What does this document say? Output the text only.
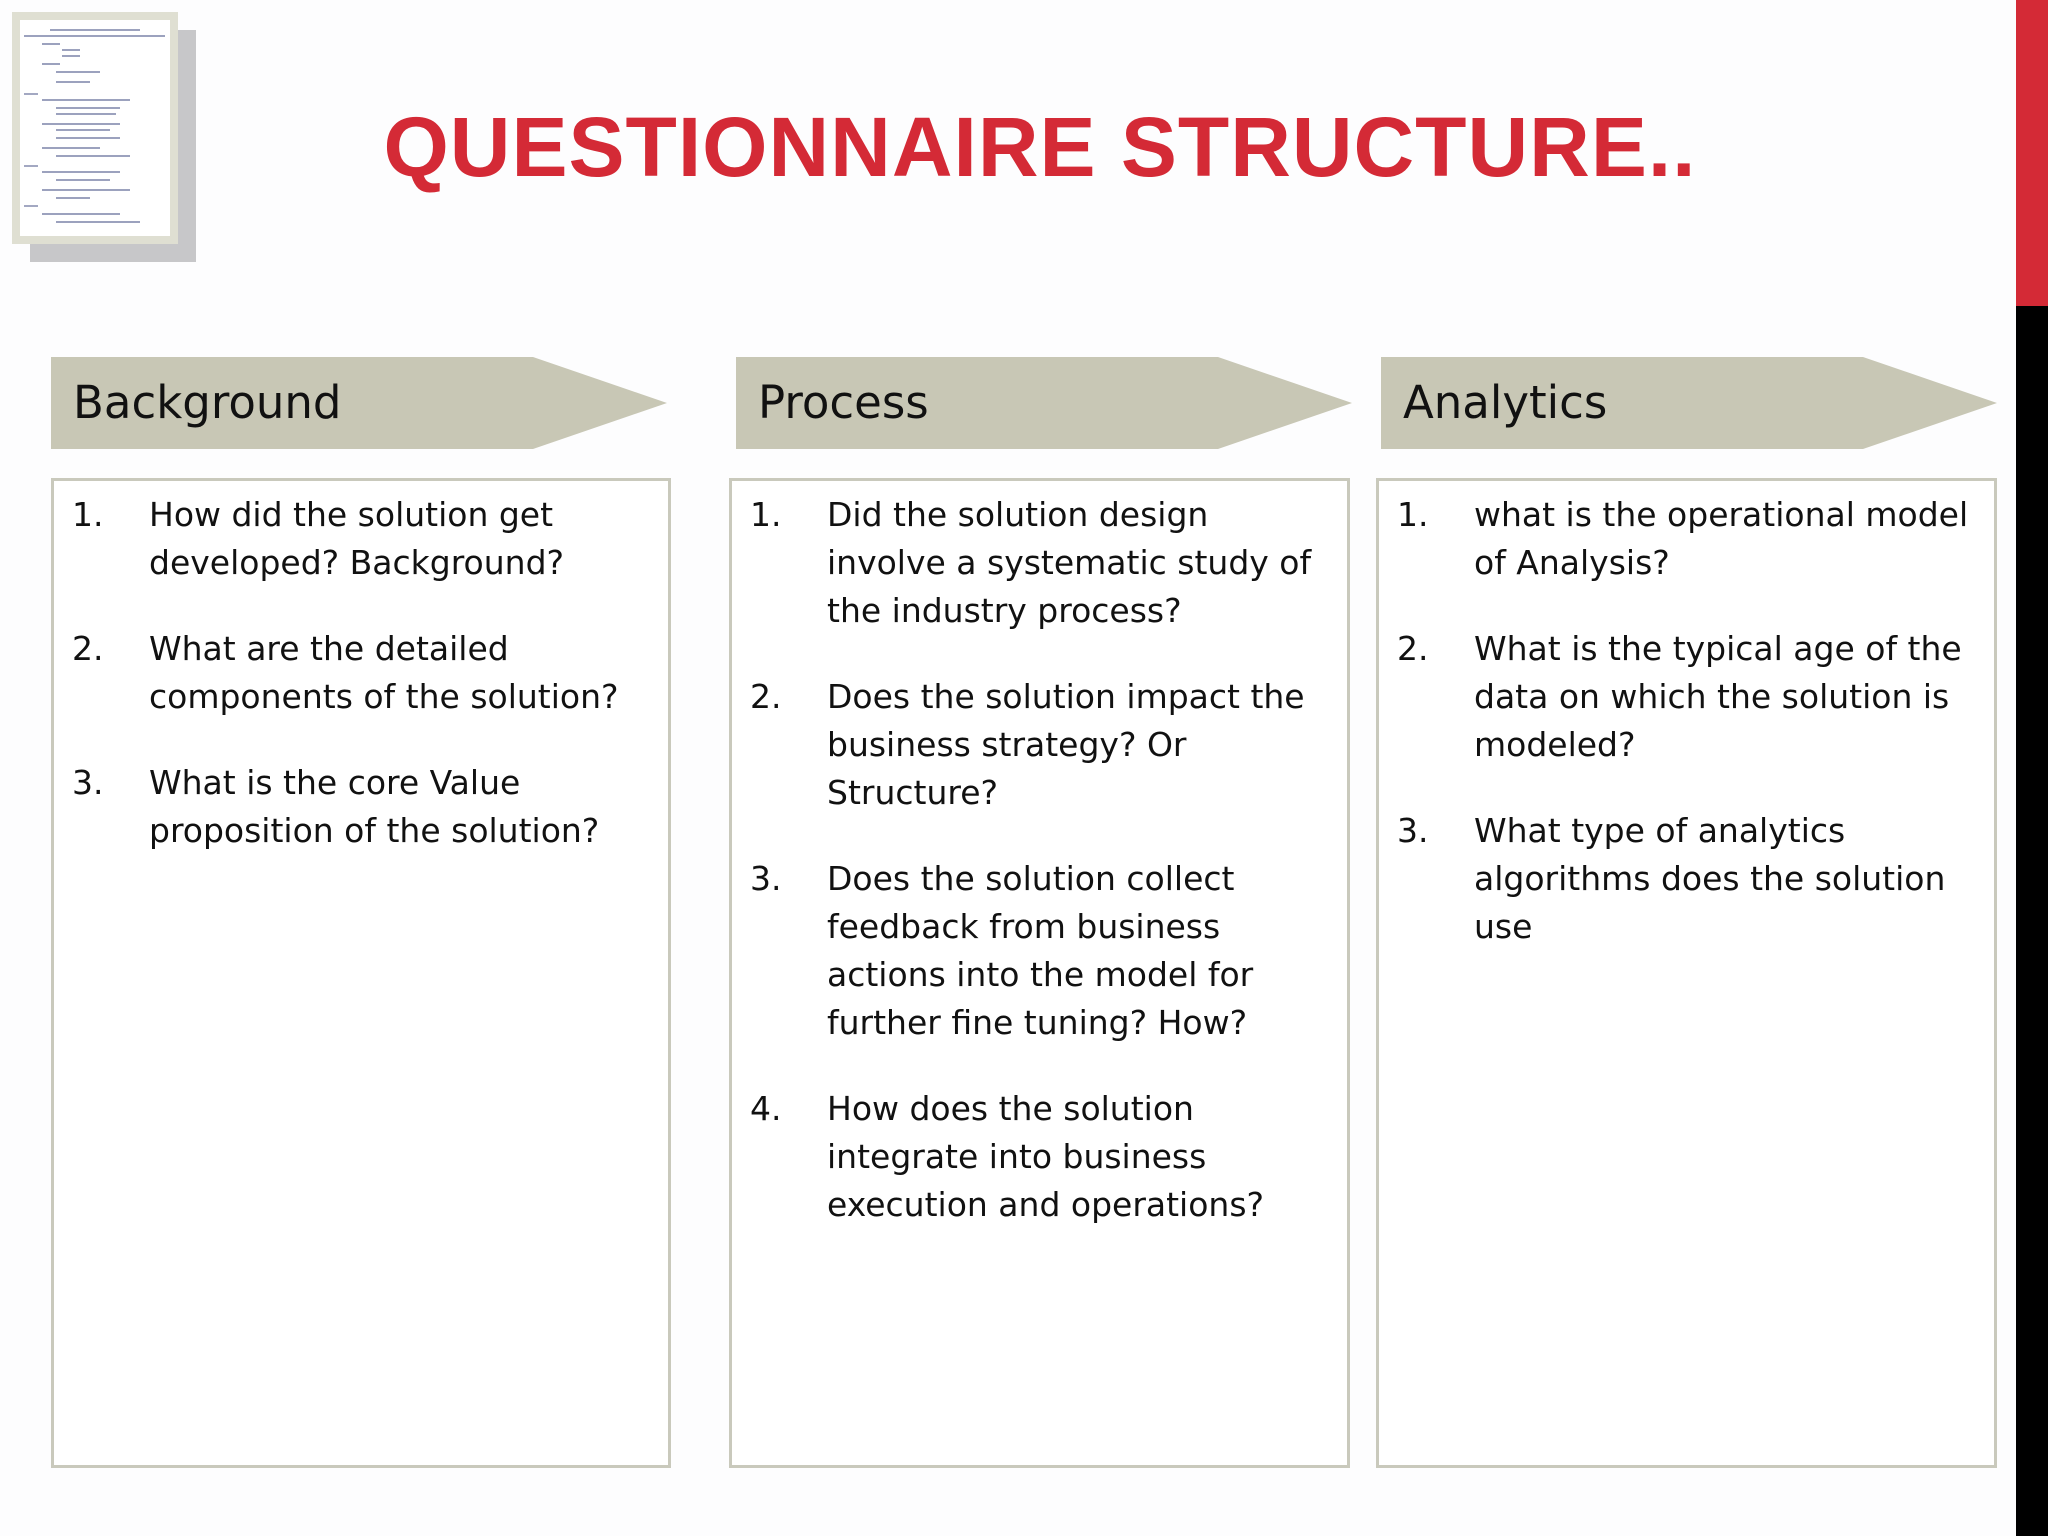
QUESTIONNAIRE STRUCTURE..
Background
1.	How did the solution get developed? Background?
2.	What are the detailed components of the solution?
3.	What is the core Value proposition of the solution?
Process
1.	Did the solution design involve a systematic study of the industry process?
2.	Does the solution impact the business strategy? Or Structure?
3.	Does the solution collect feedback from business actions into the model for further fine tuning? How?
4.	How does the solution integrate into business execution and operations?
Analytics
1.	what is the operational model of Analysis?
2.	What is the typical age of the data on which the solution is modeled?
3.	What type of analytics algorithms does the solution use
